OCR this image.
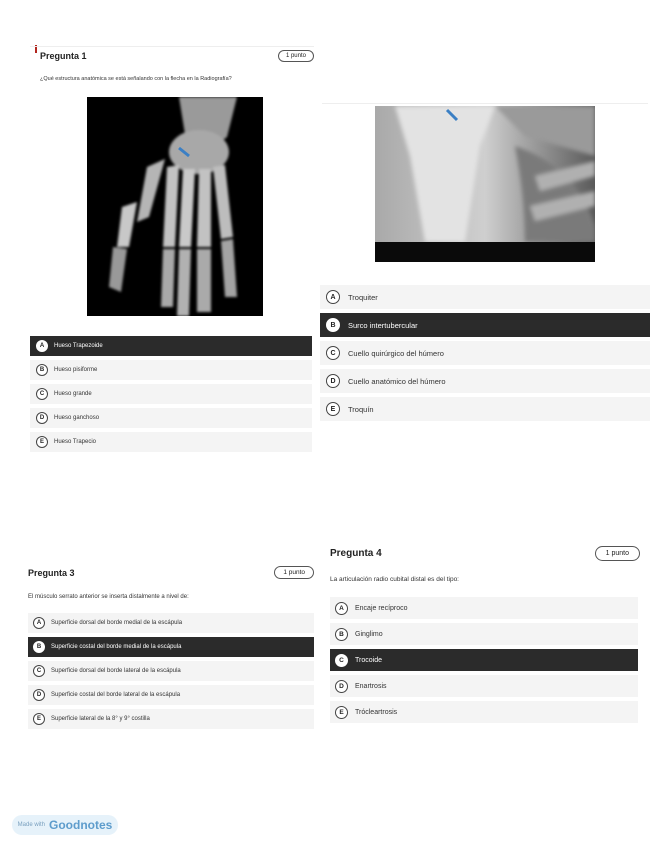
Pregunta 1	1 punto
¿Qué estructura anatómica se está señalando con la flecha en la Radiografía?
A	Hueso Trapezoide
B	Hueso pisiforme
C	Hueso grande
D	Hueso ganchoso
E	Hueso Trapecio
A	Troquiter
B	Surco intertubercular
C	Cuello quirúrgico del húmero
D	Cuello anatómico del húmero
E	Troquín
Pregunta 3	1 punto
El músculo serrato anterior se inserta distalmente a nivel de:
A	Superficie dorsal del borde medial de la escápula
B	Superficie costal del borde medial de la escápula
C	Superficie dorsal del borde lateral de la escápula
D	Superficie costal del borde lateral de la escápula
E	Superficie lateral de la 8° y 9° costilla
Pregunta 4	1 punto
La articulación radio cubital distal es del tipo:
A	Encaje recíproco
B	Ginglimo
C	Trocoide
D	Enartrosis
E	Trócleartrosis
Made with Goodnotes
